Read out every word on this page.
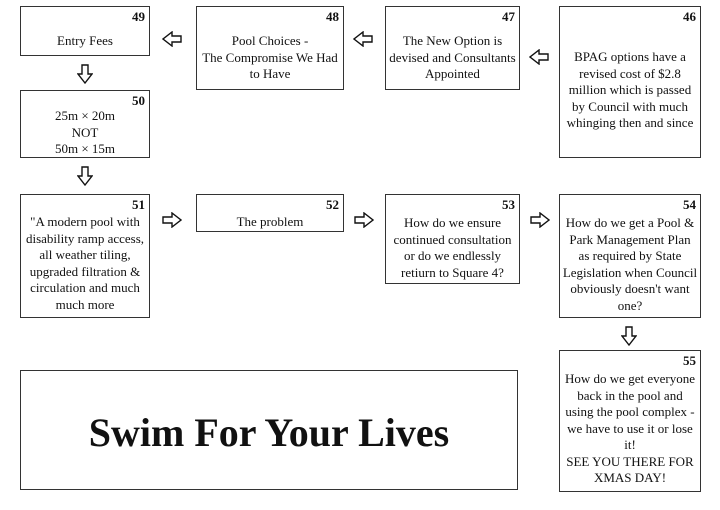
49
Entry Fees
48
Pool Choices -
The Compromise We Had
to Have
47
The New Option is
devised and Consultants
Appointed
46
BPAG options have a
revised cost of $2.8
million which is passed
by Council with much
whinging then and since
50
25m × 20m
NOT
50m × 15m
51
"A modern pool with
disability ramp access,
all weather tiling,
upgraded filtration &
circulation and much
much more
52
The problem
53
How do we ensure
continued consultation
or do we endlessly
retiurn to Square 4?
54
How do we get a Pool &
Park Management Plan
as required by State
Legislation when Council
obviously doesn't want
one?
Swim For Your Lives
55
How do we get everyone
back in the pool and
using the pool complex -
we have to use it or lose
it!
SEE YOU THERE FOR
XMAS DAY!
